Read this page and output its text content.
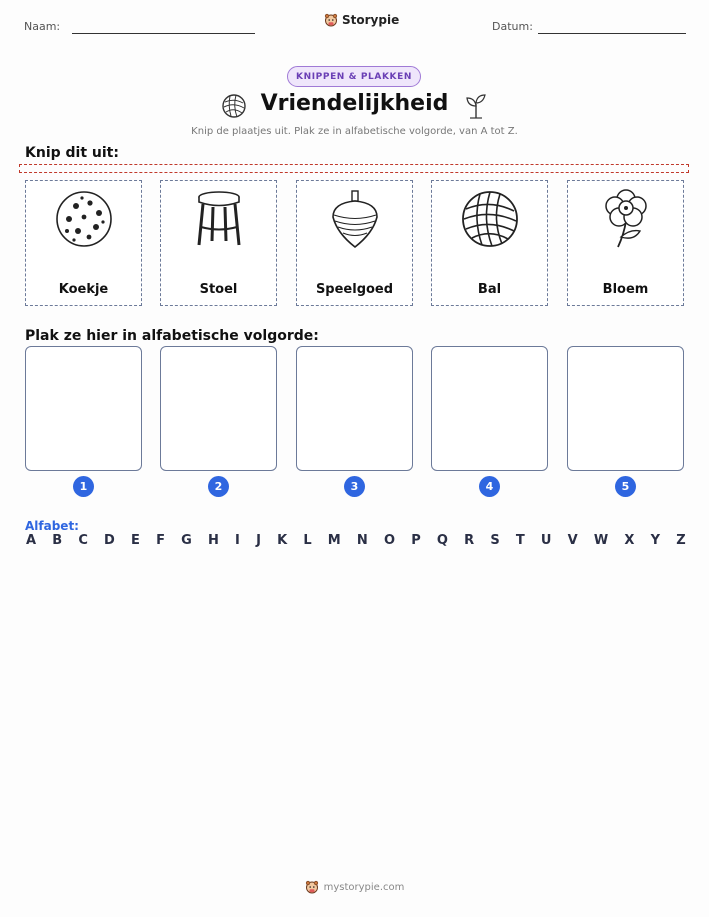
Naam:	Storypie	Datum:
KNIPPEN & PLAKKEN
Vriendelijkheid
Knip de plaatjes uit. Plak ze in alfabetische volgorde, van A tot Z.
Knip dit uit:
Koekje	Stoel	Speelgoed	Bal	Bloem
Plak ze hier in alfabetische volgorde:
1	2	3	4	5
Alfabet:
A B C D E F G H I J K L M N O P Q R S T U V W X Y Z
mystorypie.com
